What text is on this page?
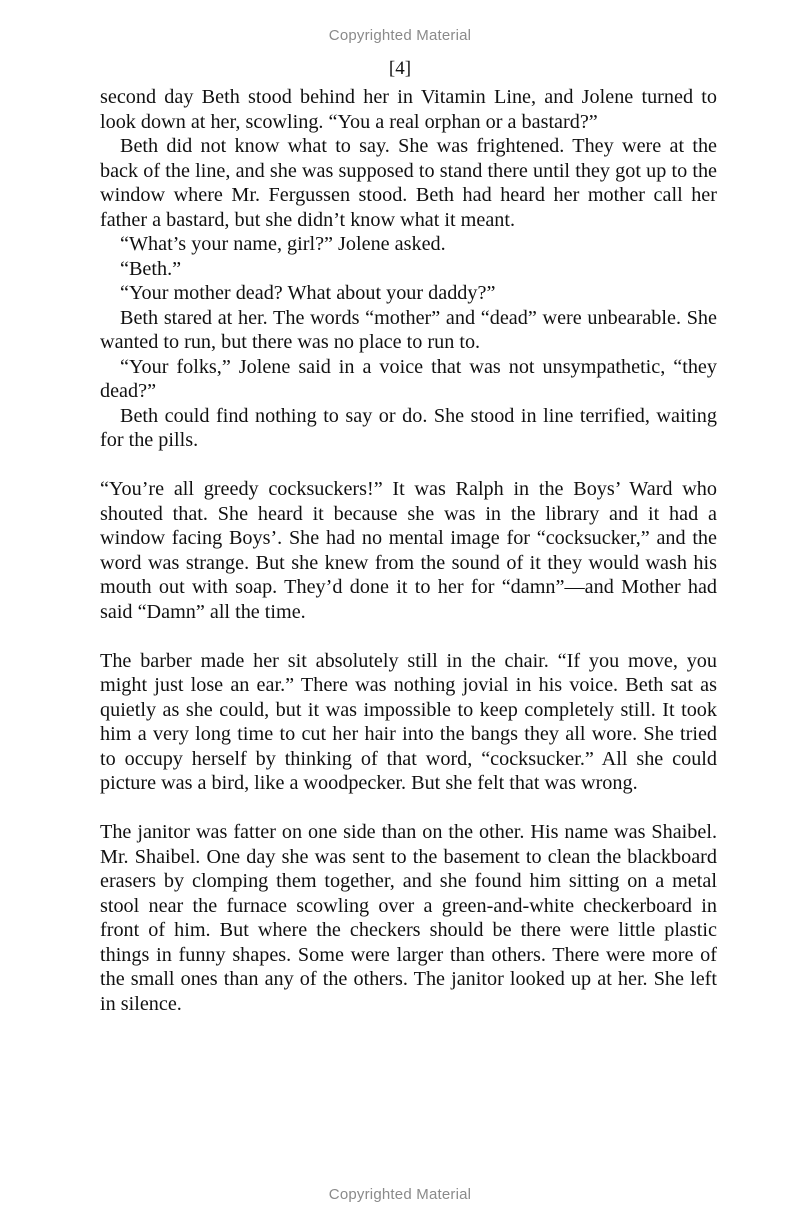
Copyrighted Material
[4]

second day Beth stood behind her in Vitamin Line, and Jolene turned to look down at her, scowling. “You a real orphan or a bastard?”

Beth did not know what to say. She was frightened. They were at the back of the line, and she was supposed to stand there until they got up to the window where Mr. Fergussen stood. Beth had heard her mother call her father a bastard, but she didn’t know what it meant.

“What’s your name, girl?” Jolene asked.

“Beth.”

“Your mother dead? What about your daddy?”

Beth stared at her. The words “mother” and “dead” were unbearable. She wanted to run, but there was no place to run to.

“Your folks,” Jolene said in a voice that was not unsympathetic, “they dead?”

Beth could find nothing to say or do. She stood in line terrified, waiting for the pills.

“You’re all greedy cocksuckers!” It was Ralph in the Boys’ Ward who shouted that. She heard it because she was in the library and it had a window facing Boys’. She had no mental image for “cocksucker,” and the word was strange. But she knew from the sound of it they would wash his mouth out with soap. They’d done it to her for “damn”—and Mother had said “Damn” all the time.

The barber made her sit absolutely still in the chair. “If you move, you might just lose an ear.” There was nothing jovial in his voice. Beth sat as quietly as she could, but it was impossible to keep completely still. It took him a very long time to cut her hair into the bangs they all wore. She tried to occupy herself by thinking of that word, “cocksucker.” All she could picture was a bird, like a woodpecker. But she felt that was wrong.

The janitor was fatter on one side than on the other. His name was Shaibel. Mr. Shaibel. One day she was sent to the basement to clean the blackboard erasers by clomping them together, and she found him sitting on a metal stool near the furnace scowling over a green-and-white checkerboard in front of him. But where the checkers should be there were little plastic things in funny shapes. Some were larger than others. There were more of the small ones than any of the others. The janitor looked up at her. She left in silence.

Copyrighted Material
